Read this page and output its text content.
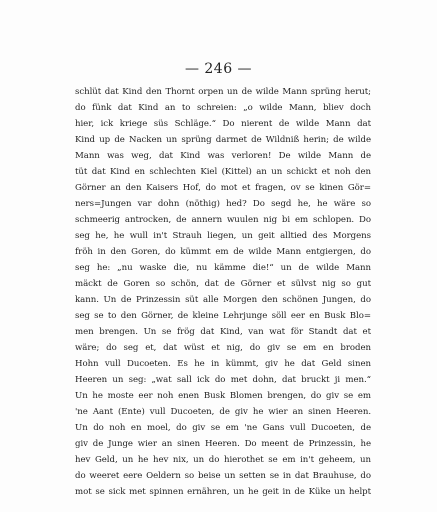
— 246 —
schlüt dat Kind den Thornt orpen un de wilde Mann sprüng herut;
do fünk dat Kind an to schreien: „o wilde Mann, bliev doch
hier, ick kriege süs Schläge.“ Do nierent de wilde Mann dat
Kind up de Nacken un sprüng darmet de Wildniß herin; de wilde
Mann was weg, dat Kind was verloren! De wilde Mann de
tüt dat Kind en schlechten Kiel (Kittel) an un schickt et noh den
Görner an den Kaisers Hof, do mot et fragen, ov se kinen Gör=
ners=Jungen var dohn (nöthig) hed? Do segd he, he wäre so
schmeerig antrocken, de annern wuulen nig bi em schlopen. Do
seg he, he wull in't Strauh liegen, un geit alltied des Morgens
fröh in den Goren, do kümmt em de wilde Mann entgiergen, do
seg he: „nu waske die, nu kämme die!“ un de wilde Mann
mäckt de Goren so schön, dat de Görner et sülvst nig so gut
kann. Un de Prinzessin süt alle Morgen den schönen Jungen, do
seg se to den Görner, de kleine Lehrjunge söll eer en Busk Blo=
men brengen. Un se frög dat Kind, van wat för Standt dat et
wäre; do seg et, dat wüst et nig, do giv se em en broden
Hohn vull Ducoeten. Es he in kümmt, giv he dat Geld sinen
Heeren un seg: „wat sall ick do met dohn, dat bruckt ji men.“
Un he moste eer noh enen Busk Blomen brengen, do giv se em
'ne Aant (Ente) vull Ducoeten, de giv he wier an sinen Heeren.
Un do noh en moel, do giv se em 'ne Gans vull Ducoeten, de
giv de Junge wier an sinen Heeren. Do meent de Prinzessin, he
hev Geld, un he hev nix, un do hierothet se em in't geheem, un
do weeret eere Oeldern so beise un setten se in dat Brauhuse, do
mot se sick met spinnen ernähren, un he geit in de Küke un helpt
